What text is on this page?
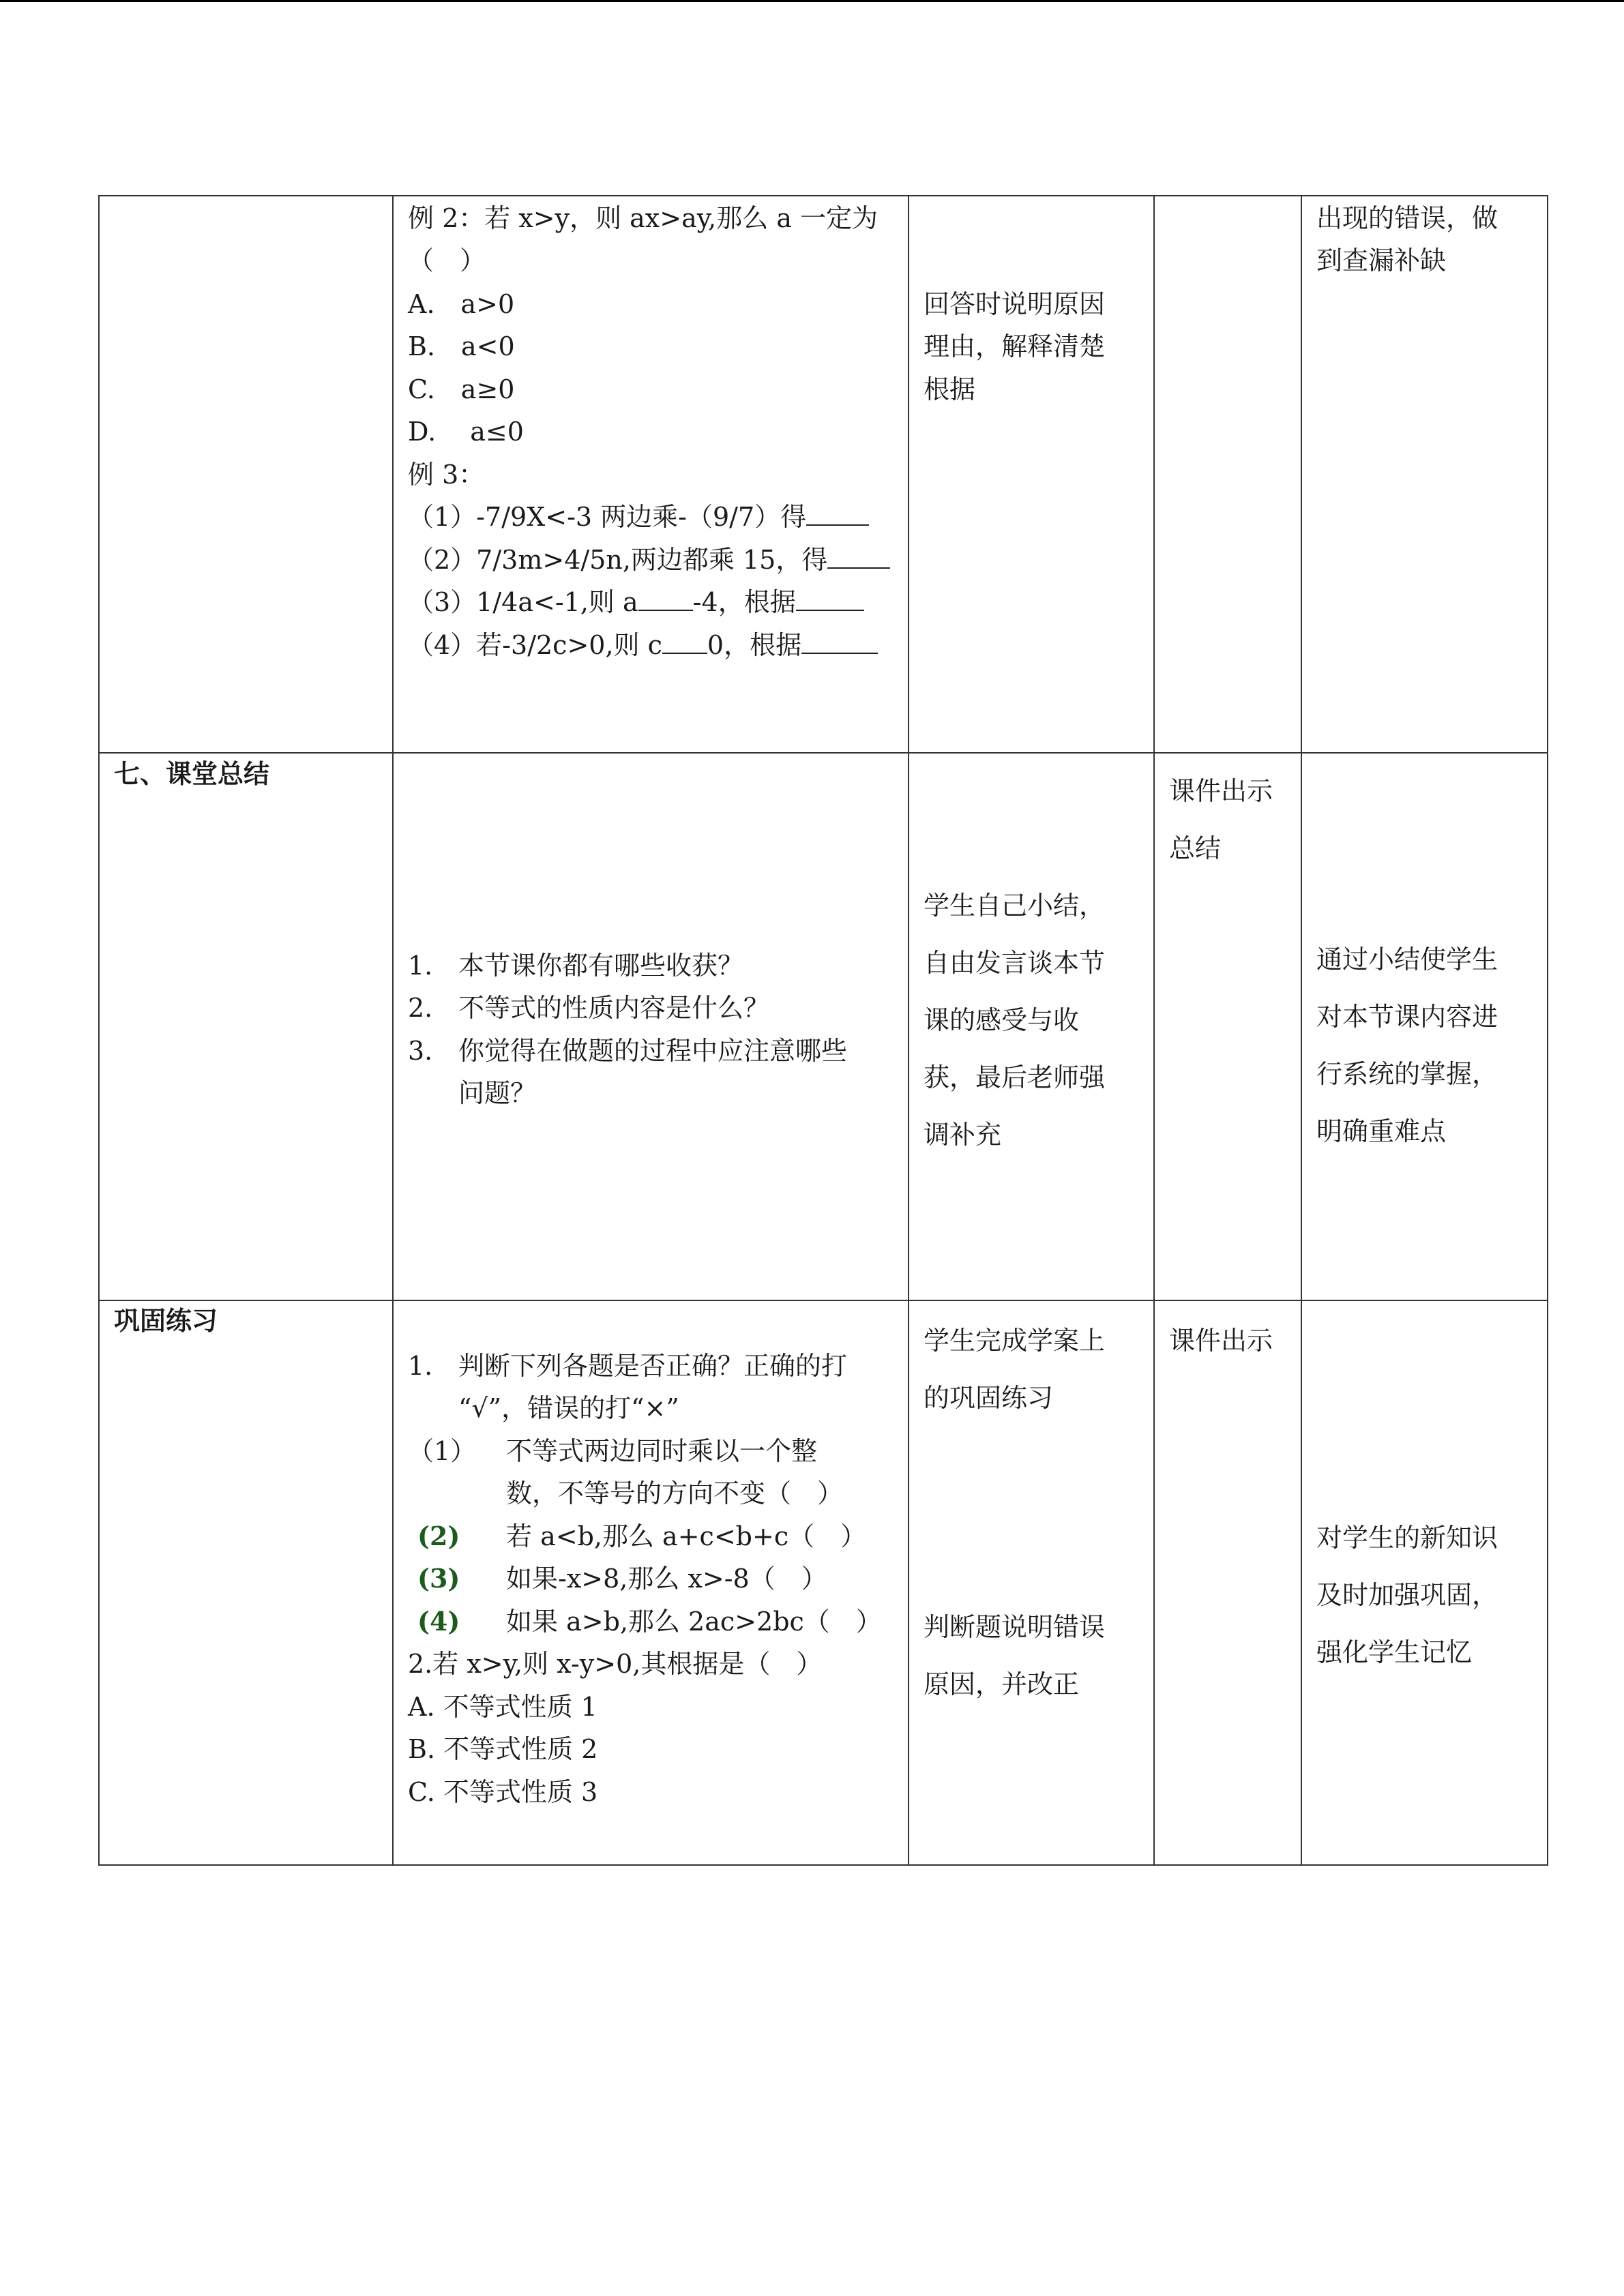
例 2：若 x>y，则 ax>ay,那么 a 一定为
（　）
A.　a>0
B.　a<0
C.　a≥0
D.　 a≤0
例 3：
（1）-7/9X<-3 两边乘-（9/7）得
（2）7/3m>4/5n,两边都乘 15，得
（3）1/4a<-1,则 a -4，根据
（4）若-3/2c>0,则 c 0，根据
回答时说明原因
理由，解释清楚
根据
出现的错误，做
到查漏补缺
七、课堂总结
1. 本节课你都有哪些收获？
2. 不等式的性质内容是什么？
3. 你觉得在做题的过程中应注意哪些
问题？
学生自己小结，
自由发言谈本节
课的感受与收
获，最后老师强
调补充
课件出示
总结
通过小结使学生
对本节课内容进
行系统的掌握，
明确重难点
巩固练习
1. 判断下列各题是否正确？正确的打
“√”，错误的打“×”
（1） 不等式两边同时乘以一个整
数，不等号的方向不变（　）
(2) 若 a<b,那么 a+c<b+c（　）
(3) 如果-x>8,那么 x>-8（　）
(4) 如果 a>b,那么 2ac>2bc（　）
2.若 x>y,则 x-y>0,其根据是（　）
A. 不等式性质 1
B. 不等式性质 2
C. 不等式性质 3
学生完成学案上
的巩固练习
判断题说明错误
原因，并改正
课件出示
对学生的新知识
及时加强巩固，
强化学生记忆
